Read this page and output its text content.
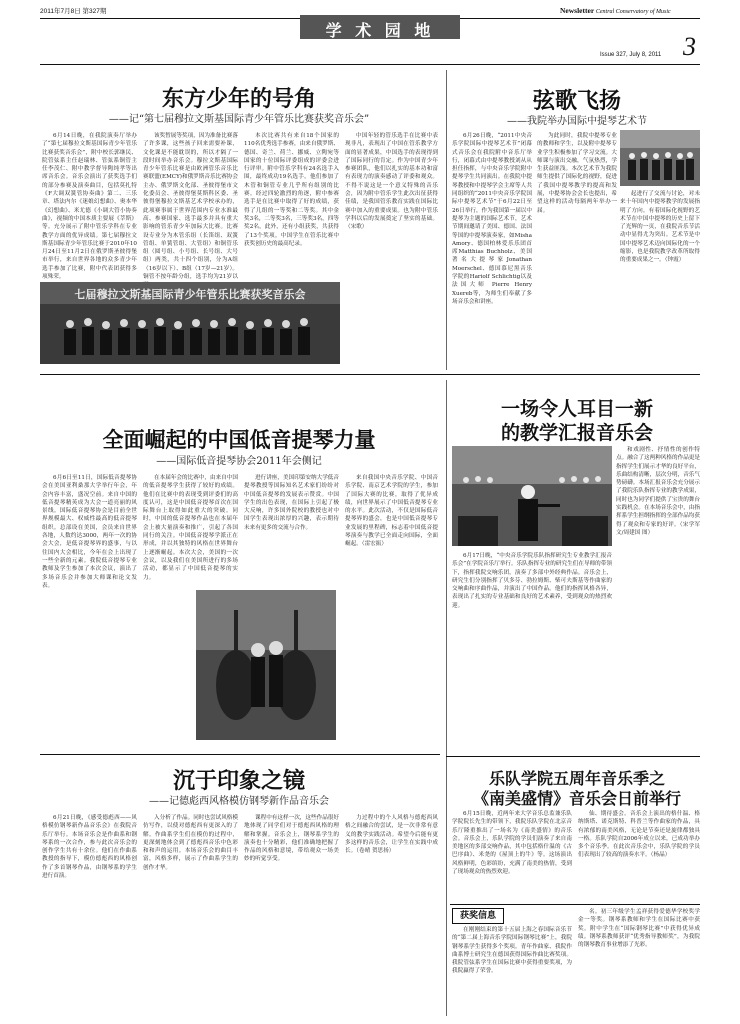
2011年7月8日 第327期	Newsletter Central Conservatory of Music
学 术 园 地
Issue 327, July 8, 2011 3
东方少年的号角
——记“第七届穆拉文斯基国际青少年管乐比赛获奖音乐会”

6月14日晚，在我院演奏厅举办了“第七届穆拉文斯基国际青少年管乐比赛获奖音乐会”，附中校长郭继民、院管弦系主任赵瑞林、管弦系铜管主任李茂仁、附中教学督导陶纯孝等出席音乐会。音乐会演出了获奖选手们的部分参赛及演奏曲目，包括莫扎特《F大调双簧管协奏曲》第二、三乐章、塔法内尔《迷娘幻想曲》、奥本华《幻想曲》、米尤德《小调大管小协奏曲》，视频的中国本质主要展《莘斯》等。充分展示了附中管乐学科在专业教学方面的优异成绩。第七届穆拉文斯基国际青少年管乐比赛于2010年10月24日至11月2日在俄罗斯圣彼得堡市举行，来自世界各地的众多青少年选手参加了比赛，附中代表团获得多项殊荣。

该奖暂展等奖项，因为准备比赛落了许多课，这些孩子回来需要补课，文化课是不能耽误的，所以才隔了一段时间举办音乐会。穆拉文斯基国际青少年管乐比赛是由欧洲管乐音乐比赛联盟(EMCY)和俄罗斯音乐比赛协会主办、俄罗斯文化部、圣彼得堡市文化委员会、圣彼得堡莫斯科区委、圣彼得堡穆拉文斯基艺术学校承办的，此项赛事属于世界范围内专业水准最高、参赛国家、选手最多并具有重大影响的管乐青少年加际大比赛。比赛设专业分为木管乐组（长笛组、双簧管组、单簧管组、大管组）和铜管乐组（圆号组、小号组、长号组、大号组）两类，共十四个组别，分为A组（16岁以下）、B组（17岁—21岁）。铜管不按年龄分组，选手均为21岁以

本次比赛共有来自18个国家的110名优秀选手参赛，由来自俄罗斯、德国、奇兰、荷兰、挪威、立陶宛等国家的十位国际评委组成的评委会进行评审。附中管乐学科有24名选手入围，最终成功19名选手，他们参加了木管和铜管专业几乎所有组别的比赛。经过四轮激烈的角逐，附中参赛选手是在比赛中取得了好的成绩，获得了几组的一等奖和二等奖。其中金奖3名，二等奖3名，三等奖3名，四等奖2名，此外，还有小组获奖，共获得了13个奖项。中国学生在管乐比赛中获奖创历史的最高纪录。

七届穆拉文斯基国际青少年管乐比赛获奖音乐会

中国年轻的管乐选手在比赛中表现非凡，表现出了中国在管乐教学方面的显著成果，中国选手的表现得到了国际同行的肯定。作为中国青少年参赛团队，他们以扎实的基本功和富有表现力的演奏感动了评委和观众。不得不说这是一个意义特殊的音乐会，因为附中管乐学生此次出征获得佳绩，是我国管乐教育实践在国际比赛中加入的重要成果。也为附中管乐学科以后的发展奠定了坚实的基础。（宋歌）

弦歌飞扬
——我院举办国际中提琴艺术节

6月26日晚，“2011中央音乐学院国际中提琴艺术节”闭幕式音乐会在我院附中音乐厅举行，闭幕式由中提琴教授刘从从担任指挥，与中央音乐学院附中提琴学生共同演出。在我院中提琴教授和中提琴学会主席等人共同组织的“2011中央音乐学院国际中提琴艺术节”于6月22日至26日举行，作为我国第一届以中提琴为主题的国际艺术节，艺术节期间邀请了美国、德国、法国等国的中提琴演奏家，如Misha Amory、德国柏林爱乐乐团首席Matthias Buchholz、美国著名大提琴家Jonathan Moerschel、德国慕尼黑音乐学院的Hariolf Schlichtig以及法国大师 Pierre Henry Xuereb等，为师生们奉献了多场音乐会和讲座。

为此同时，我院中提琴专业的教师和学生，以及附中提琴专业学生积极参加了学习交流。大师课与演出交融，气氛热烈，学生获益匪浅。本次艺术节为我院师生提供了国际化的视野，促进了我国中提琴教学的提高和发展，中提琴协会会长也提出，希望这样的活动每隔两年举办一届。

起进行了交流与讨论，对未来十年国内中提琴教学的发展指明了方向。有着国际化视野的艺术节在中国中提琴的历史上留下了光辉的一页，在我院音乐节活动中显得尤为突出。艺术节是中国中提琴艺术迈向国际化的一个缩影，也是我院教学改革所取得的重要成果之一。（钟霞）

全面崛起的中国低音提琴力量
——国际低音提琴协会2011年会侧记

6月6日至11日，国际低音提琴协会在美国亚利桑那大学举行年会，年会内容丰富，盛况空前。来自中国的低音提琴精英成为大会一道亮丽的风景线。国际低音提琴协会是目前全世界规模最大、权威性最高的低音提琴组织。总部设在美国，会员来自世界各地，人数约达3000，两年一次的协会大会，是低音提琴界的盛事，与以往国内大会相比，今年在会上出现了一些全新的元素。我院低音提琴专业教师及学生参加了本次会议，演出了多场音乐会并参加大师课和论文发表。

在本届年会的比赛中，由来自中国的低音提琴学生获得了较好的成绩。他们在比赛中的表现受到评委们的高度认可，这是中国低音提琴首次在国际舞台上取得如此重大的突破。同时，中国的低音提琴作品也在本届年会上被大量演奏和推广，引起了各国同行的关注。中国低音提琴学派正在形成，并以其独特的风格在世界舞台上逐渐崛起。本次大会，美国的一次会议，以及我们在美国所进行的多场活动，都显示了中国低音提琴的实力。

进行讲座，美国印第安纳大学低音提琴教授等国际知名艺术家们纷纷对中国低音提琴的发展表示赞赏。中国学生的出色表现，在国际上引起了极大反响，许多国外院校的教授也对中国学生表现出浓厚的兴趣，表示期待未来有更多的交流与合作。

来自我国中央音乐学院、中国音乐学院、南京艺术学院的学生，参加了国际大赛的比赛，取得了优异成绩，向世界展示了中国低音提琴专业的水平。此次活动，不仅是国际低音提琴界的盛会，也是中国低音提琴专业发展的里程碑，标志着中国低音提琴演奏与教学已全面走向国际，全面崛起。（雷宏振）

一场令人耳目一新
的教学汇报音乐会

和戏剧性、抒情性的创作特点。融合了这两种风格的作品更是指挥学生们展示才华的良好平台，乐曲结构清晰，层次分明，音乐气势磅礴。本场汇报音乐会充分展示了我院乐队指挥专业的教学成果，同时也为同学们提供了宝贵的舞台实践机会。在本场音乐会中，由指挥系学生担纲指挥的全部作品均获得了观众和专家的好评。（宋学军 文/周建国 图）

6月17日晚，“中央音乐学院乐队指挥研究生专业教学汇报音乐会”在学院音乐厅举行。乐队指挥专业的研究生们在导师的带领下，指挥我院交响乐团，演奏了多部中外经典作品。音乐会上，研究生们分别指挥了贝多芬、勃拉姆斯、柴可夫斯基等作曲家的交响曲和序曲作品，并演出了中国作品。他们的指挥风格各异，表现出了扎实的专业基础和良好的艺术素养，受到观众的热烈欢迎。

乐队学院五周年音乐季之
《南美盛情》音乐会日前举行

6月15日晚，近两年来大学音乐总监兼乐队学院院长先生的带领下，我院乐队学院在北京音乐厅隆重推出了一场名为《南美盛情》的音乐会。音乐会上，乐队学院的学员们演奏了来自南美地区的多部交响作品，其中包括格什温的《古巴序曲》、米尧的《屋顶上的牛》等。这场演出风格鲜明，色彩缤纷，充满了南美的热情，受到了现场观众的热烈欢迎。

仙、期待盛会。音乐会上演出的格什温、格纳斯塔、诺克斯特、科普兰等作曲家的作品，具有浓郁的南美风格，无论是节奏还是旋律都独具一格。乐队学院自2006年成立以来，已成功举办多个音乐季。在此次音乐会中，乐队学院的学员们表现出了较高的演奏水平。（杨晶）

获奖信息

在刚刚结束的第十五届上海之春国际音乐节的“第二届上海音乐学院国际钢琴比赛”上，我院钢琴系学生获得多个奖项。青年作曲家、我院作曲系博士研究生在德国获得国际作曲比赛奖项。我院管弦系学生在国际比赛中获得重要奖项，为我院赢得了荣誉。

名。初三年级学生孟祥获得爱德华学校奖学金一等奖。钢琴系教师和学生在国际比赛中获奖。附中学生在“国际钢琴比赛”中获得优异成绩。钢琴系教师获评“优秀指导教师奖”，为我院的钢琴教育事业增添了光彩。

沉于印象之镜
——记德彪西风格模仿钢琴新作品音乐会

6月21日晚，《感受德彪西——风格模仿钢琴新作品音乐会》在我院音乐厅举行。本场音乐会是作曲系和钢琴系的一次合作，参与此次音乐会的创作学生共有十余位。他们在作曲系教授的指导下，模仿德彪西的风格创作了多首钢琴作品，由钢琴系的学生进行首演。

入分析了作品。同时也尝试风格模仿写作，以使对德彪西有更深入的了解。作曲系学生们在模仿的过程中，更深刻地体会到了德彪西音乐中色彩和和声的运用。本场音乐会的曲目丰富，风格多样，展示了作曲系学生的创作才华。

课程中有这样一次，这些作品很好地体现了同学们对于德彪西风格的理解和掌握。音乐会上，钢琴系学生的演奏也十分精彩，他们准确地把握了作品的风格和意境，带给观众一场美妙的听觉享受。

力过程中的个人风格与德彪西风格之间融合的尝试，是一次非常有意义的教学实践活动。希望今后能有更多这样的音乐会，让学生在实践中成长。（卷晴 贺思扬）
